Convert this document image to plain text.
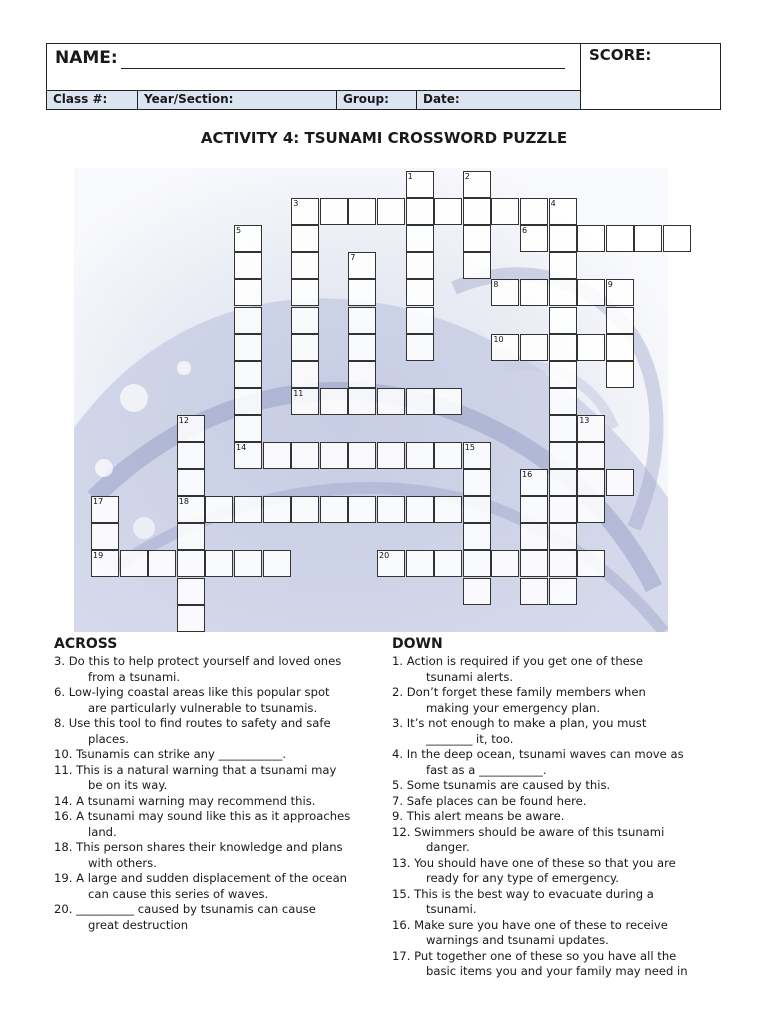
NAME:
Class #:	Year/Section:	Group:	Date:
SCORE:
ACTIVITY 4: TSUNAMI CROSSWORD PUZZLE
1	2
3	4
5	6
7
8	9
10
11
12	13
14	15
16
17	18
19	20
ACROSS
3. Do this to help protect yourself and loved ones
from a tsunami.
6. Low-lying coastal areas like this popular spot
are particularly vulnerable to tsunamis.
8. Use this tool to find routes to safety and safe
places.
10. Tsunamis can strike any ___________.
11. This is a natural warning that a tsunami may
be on its way.
14. A tsunami warning may recommend this.
16. A tsunami may sound like this as it approaches
land.
18. This person shares their knowledge and plans
with others.
19. A large and sudden displacement of the ocean
can cause this series of waves.
20. __________ caused by tsunamis can cause
great destruction
DOWN
1. Action is required if you get one of these
tsunami alerts.
2. Don’t forget these family members when
making your emergency plan.
3. It’s not enough to make a plan, you must
________ it, too.
4. In the deep ocean, tsunami waves can move as
fast as a ___________.
5. Some tsunamis are caused by this.
7. Safe places can be found here.
9. This alert means be aware.
12. Swimmers should be aware of this tsunami
danger.
13. You should have one of these so that you are
ready for any type of emergency.
15. This is the best way to evacuate during a
tsunami.
16. Make sure you have one of these to receive
warnings and tsunami updates.
17. Put together one of these so you have all the
basic items you and your family may need in
